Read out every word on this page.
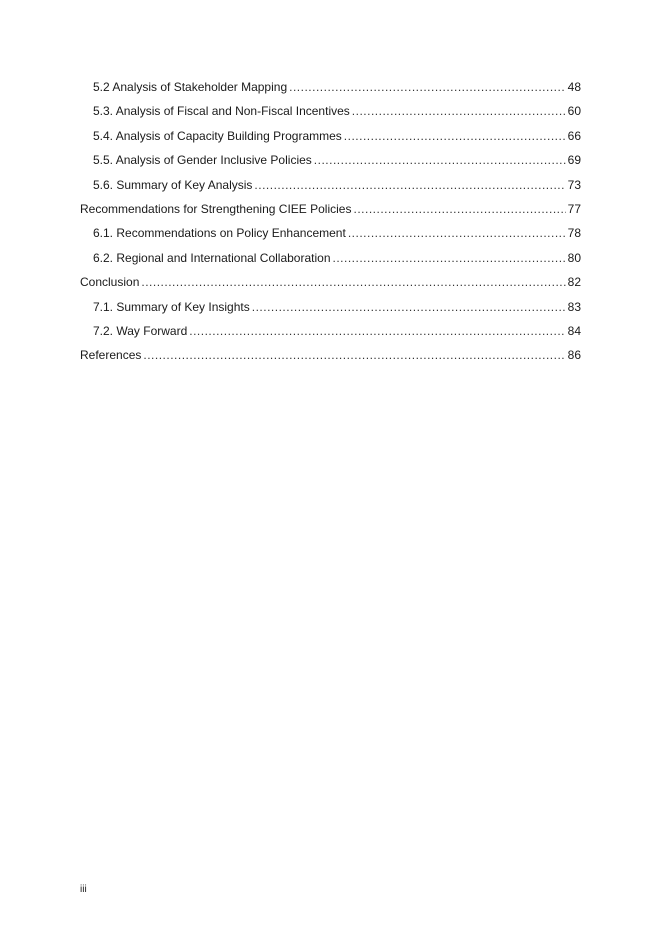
5.2 Analysis of Stakeholder Mapping .....	48
5.3. Analysis of Fiscal and Non-Fiscal Incentives .....	60
5.4. Analysis of Capacity Building Programmes .....	66
5.5. Analysis of Gender Inclusive Policies .....	69
5.6. Summary of Key Analysis .....	73
Recommendations for Strengthening CIEE Policies .....	77
6.1. Recommendations on Policy Enhancement .....	78
6.2. Regional and International Collaboration .....	80
Conclusion .....	82
7.1. Summary of Key Insights .....	83
7.2. Way Forward .....	84
References .....	86
iii
